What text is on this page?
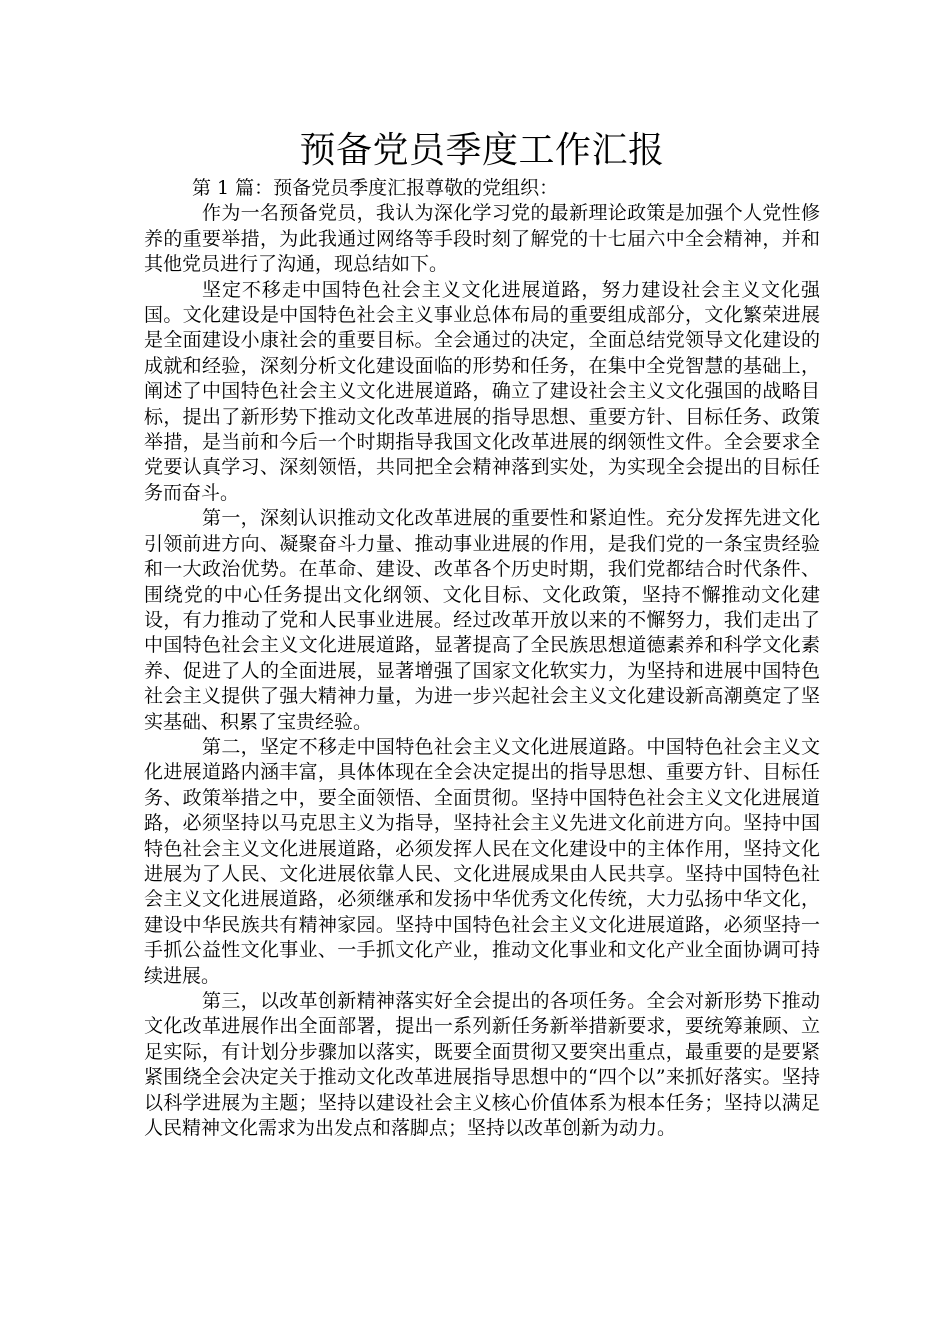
预备党员季度工作汇报

第 1 篇：预备党员季度汇报尊敬的党组织：

作为一名预备党员，我认为深化学习党的最新理论政策是加强个人党性修养的重要举措，为此我通过网络等手段时刻了解党的十七届六中全会精神，并和其他党员进行了沟通，现总结如下。

坚定不移走中国特色社会主义文化进展道路，努力建设社会主义文化强国。文化建设是中国特色社会主义事业总体布局的重要组成部分，文化繁荣进展是全面建设小康社会的重要目标。全会通过的决定，全面总结党领导文化建设的成就和经验，深刻分析文化建设面临的形势和任务，在集中全党智慧的基础上，阐述了中国特色社会主义文化进展道路，确立了建设社会主义文化强国的战略目标，提出了新形势下推动文化改革进展的指导思想、重要方针、目标任务、政策举措，是当前和今后一个时期指导我国文化改革进展的纲领性文件。全会要求全党要认真学习、深刻领悟，共同把全会精神落到实处，为实现全会提出的目标任务而奋斗。

第一，深刻认识推动文化改革进展的重要性和紧迫性。充分发挥先进文化引领前进方向、凝聚奋斗力量、推动事业进展的作用，是我们党的一条宝贵经验和一大政治优势。在革命、建设、改革各个历史时期，我们党都结合时代条件、围绕党的中心任务提出文化纲领、文化目标、文化政策，坚持不懈推动文化建设，有力推动了党和人民事业进展。经过改革开放以来的不懈努力，我们走出了中国特色社会主义文化进展道路，显著提高了全民族思想道德素养和科学文化素养、促进了人的全面进展，显著增强了国家文化软实力，为坚持和进展中国特色社会主义提供了强大精神力量，为进一步兴起社会主义文化建设新高潮奠定了坚实基础、积累了宝贵经验。

第二，坚定不移走中国特色社会主义文化进展道路。中国特色社会主义文化进展道路内涵丰富，具体体现在全会决定提出的指导思想、重要方针、目标任务、政策举措之中，要全面领悟、全面贯彻。坚持中国特色社会主义文化进展道路，必须坚持以马克思主义为指导，坚持社会主义先进文化前进方向。坚持中国特色社会主义文化进展道路，必须发挥人民在文化建设中的主体作用，坚持文化进展为了人民、文化进展依靠人民、文化进展成果由人民共享。坚持中国特色社会主义文化进展道路，必须继承和发扬中华优秀文化传统，大力弘扬中华文化，建设中华民族共有精神家园。坚持中国特色社会主义文化进展道路，必须坚持一手抓公益性文化事业、一手抓文化产业，推动文化事业和文化产业全面协调可持续进展。

第三，以改革创新精神落实好全会提出的各项任务。全会对新形势下推动文化改革进展作出全面部署，提出一系列新任务新举措新要求，要统筹兼顾、立足实际，有计划分步骤加以落实，既要全面贯彻又要突出重点，最重要的是要紧紧围绕全会决定关于推动文化改革进展指导思想中的“四个以”来抓好落实。坚持以科学进展为主题；坚持以建设社会主义核心价值体系为根本任务；坚持以满足人民精神文化需求为出发点和落脚点；坚持以改革创新为动力。
